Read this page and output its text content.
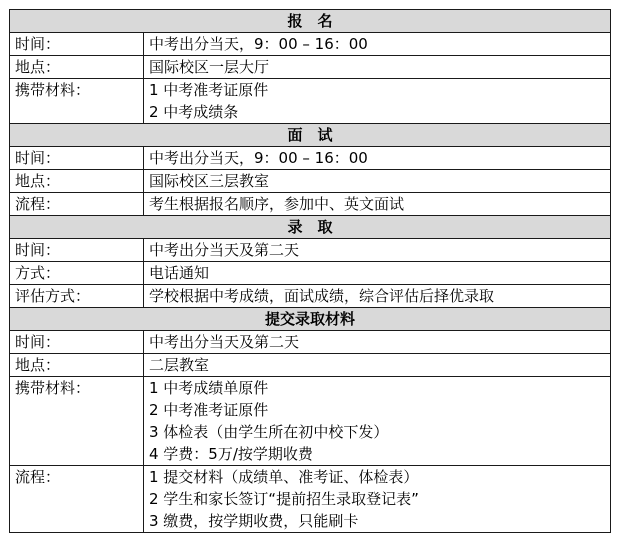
报　名	
时间：	中考出分当天，9：00 – 16：00

地点：	国际校区一层大厅

携带材料：	1 中考准考证原件
2 中考成绩条

面　试	
时间：	中考出分当天，9：00 – 16：00

地点：	国际校区三层教室

流程：	考生根据报名顺序，参加中、英文面试

录　取	
时间：	中考出分当天及第二天

方式：	电话通知

评估方式：	学校根据中考成绩，面试成绩，综合评估后择优录取

提交录取材料	
时间：	中考出分当天及第二天

地点：	二层教室

携带材料：	1 中考成绩单原件
2 中考准考证原件
3 体检表（由学生所在初中校下发）
4 学费：5万/按学期收费

流程：	1 提交材料（成绩单、准考证、体检表）
2 学生和家长签订“提前招生录取登记表”
3 缴费，按学期收费，只能刷卡
